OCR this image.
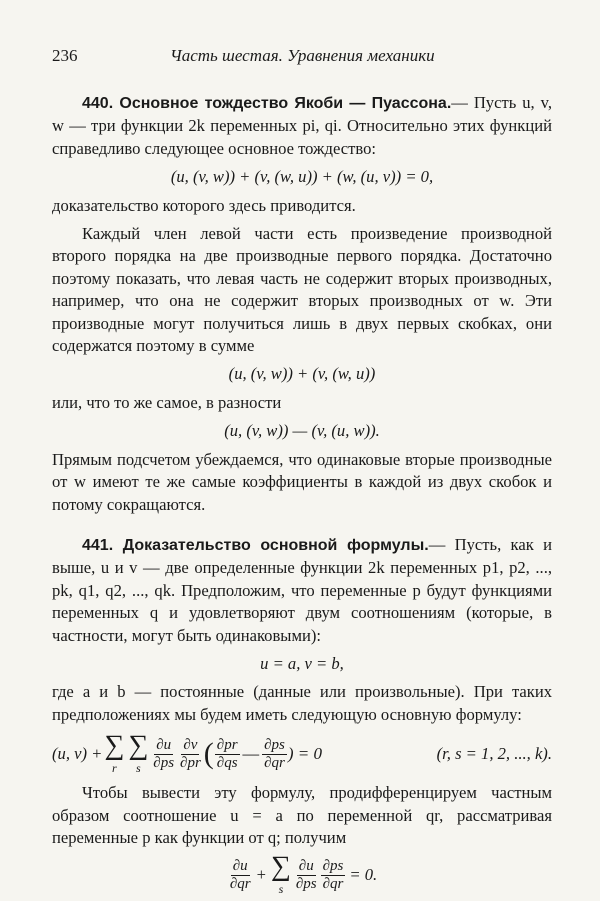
236	Часть шестая. Уравнения механики

440. Основное тождество Якоби — Пуассона.— Пусть u, v, w — три функции 2k переменных pi, qi. Относительно этих функций справедливо следующее основное тождество:

(u, (v, w)) + (v, (w, u)) + (w, (u, v)) = 0,

доказательство которого здесь приводится.

Каждый член левой части есть произведение производной второго порядка на две производные первого порядка. Достаточно поэтому показать, что левая часть не содержит вторых производных, например, что она не содержит вторых производных от w. Эти производные могут получиться лишь в двух первых скобках, они содержатся поэтому в сумме

(u, (v, w)) + (v, (w, u))

или, что то же самое, в разности

(u, (v, w)) — (v, (u, w)).

Прямым подсчетом убеждаемся, что одинаковые вторые производные от w имеют те же самые коэффициенты в каждой из двух скобок и потому сокращаются.

441. Доказательство основной формулы.— Пусть, как и выше, u и v — две определенные функции 2k переменных p1, p2, ..., pk, q1, q2, ..., qk. Предположим, что переменные p будут функциями переменных q и удовлетворяют двум соотношениям (которые, в частности, могут быть одинаковыми):

u = a, v = b,

где a и b — постоянные (данные или произвольные). При таких предположениях мы будем иметь следующую основную формулу:

(u, v) + ∑
r
∑
s $\frac{\partial u}{\partial ps} \frac{\partial v}{\partial pr}$ ( $\frac{\partial pr}{\partial qs}$ — $\frac{\partial ps}{\partial qr}$ ) = 0	(r, s = 1, 2, ..., k).

Чтобы вывести эту формулу, продифференцируем частным образом соотношение u = a по переменной qr, рассматривая переменные p как функции от q; получим

$\frac{\partial u}{\partial qr}$ + ∑
s $\frac{\partial u}{\partial ps} \frac{\partial ps}{\partial qr} = 0$.
